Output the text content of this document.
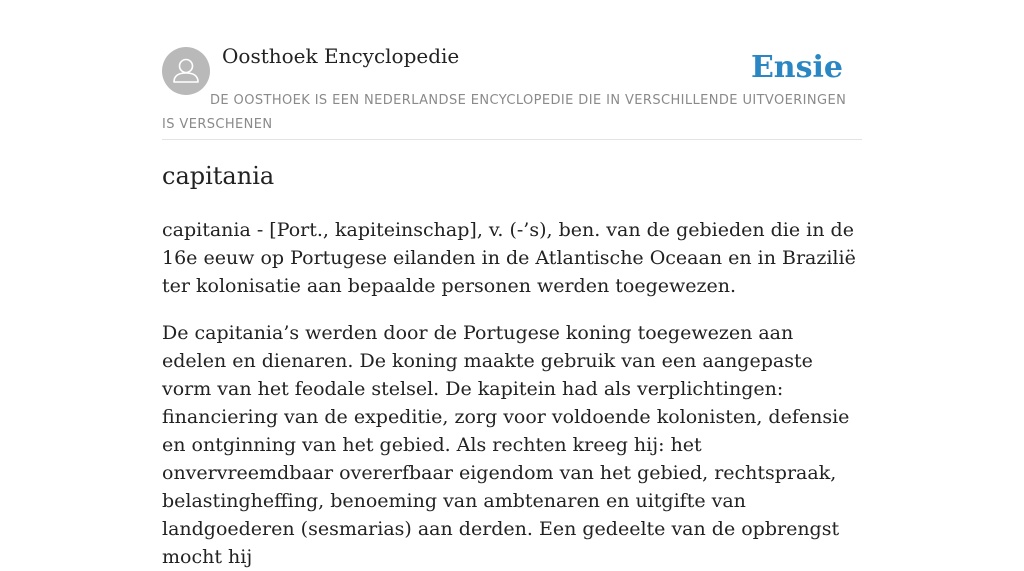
Oosthoek Encyclopedie	Ensie
DE OOSTHOEK IS EEN NEDERLANDSE ENCYCLOPEDIE DIE IN VERSCHILLENDE UITVOERINGEN IS VERSCHENEN
capitania

capitania - [Port., kapiteinschap], v. (-’s), ben. van de gebieden die in de 16e eeuw op Portugese eilanden in de Atlantische Oceaan en in Brazilië ter kolonisatie aan bepaalde personen werden toegewezen.

De capitania’s werden door de Portugese koning toegewezen aan edelen en dienaren. De koning maakte gebruik van een aangepaste vorm van het feodale stelsel. De kapitein had als verplichtingen: financiering van de expeditie, zorg voor voldoende kolonisten, defensie en ontginning van het gebied. Als rechten kreeg hij: het onvervreemdbaar overerfbaar eigendom van het gebied, rechtspraak, belastingheffing, benoeming van ambtenaren en uitgifte van landgoederen (sesmarias) aan derden. Een gedeelte van de opbrengst mocht hij
